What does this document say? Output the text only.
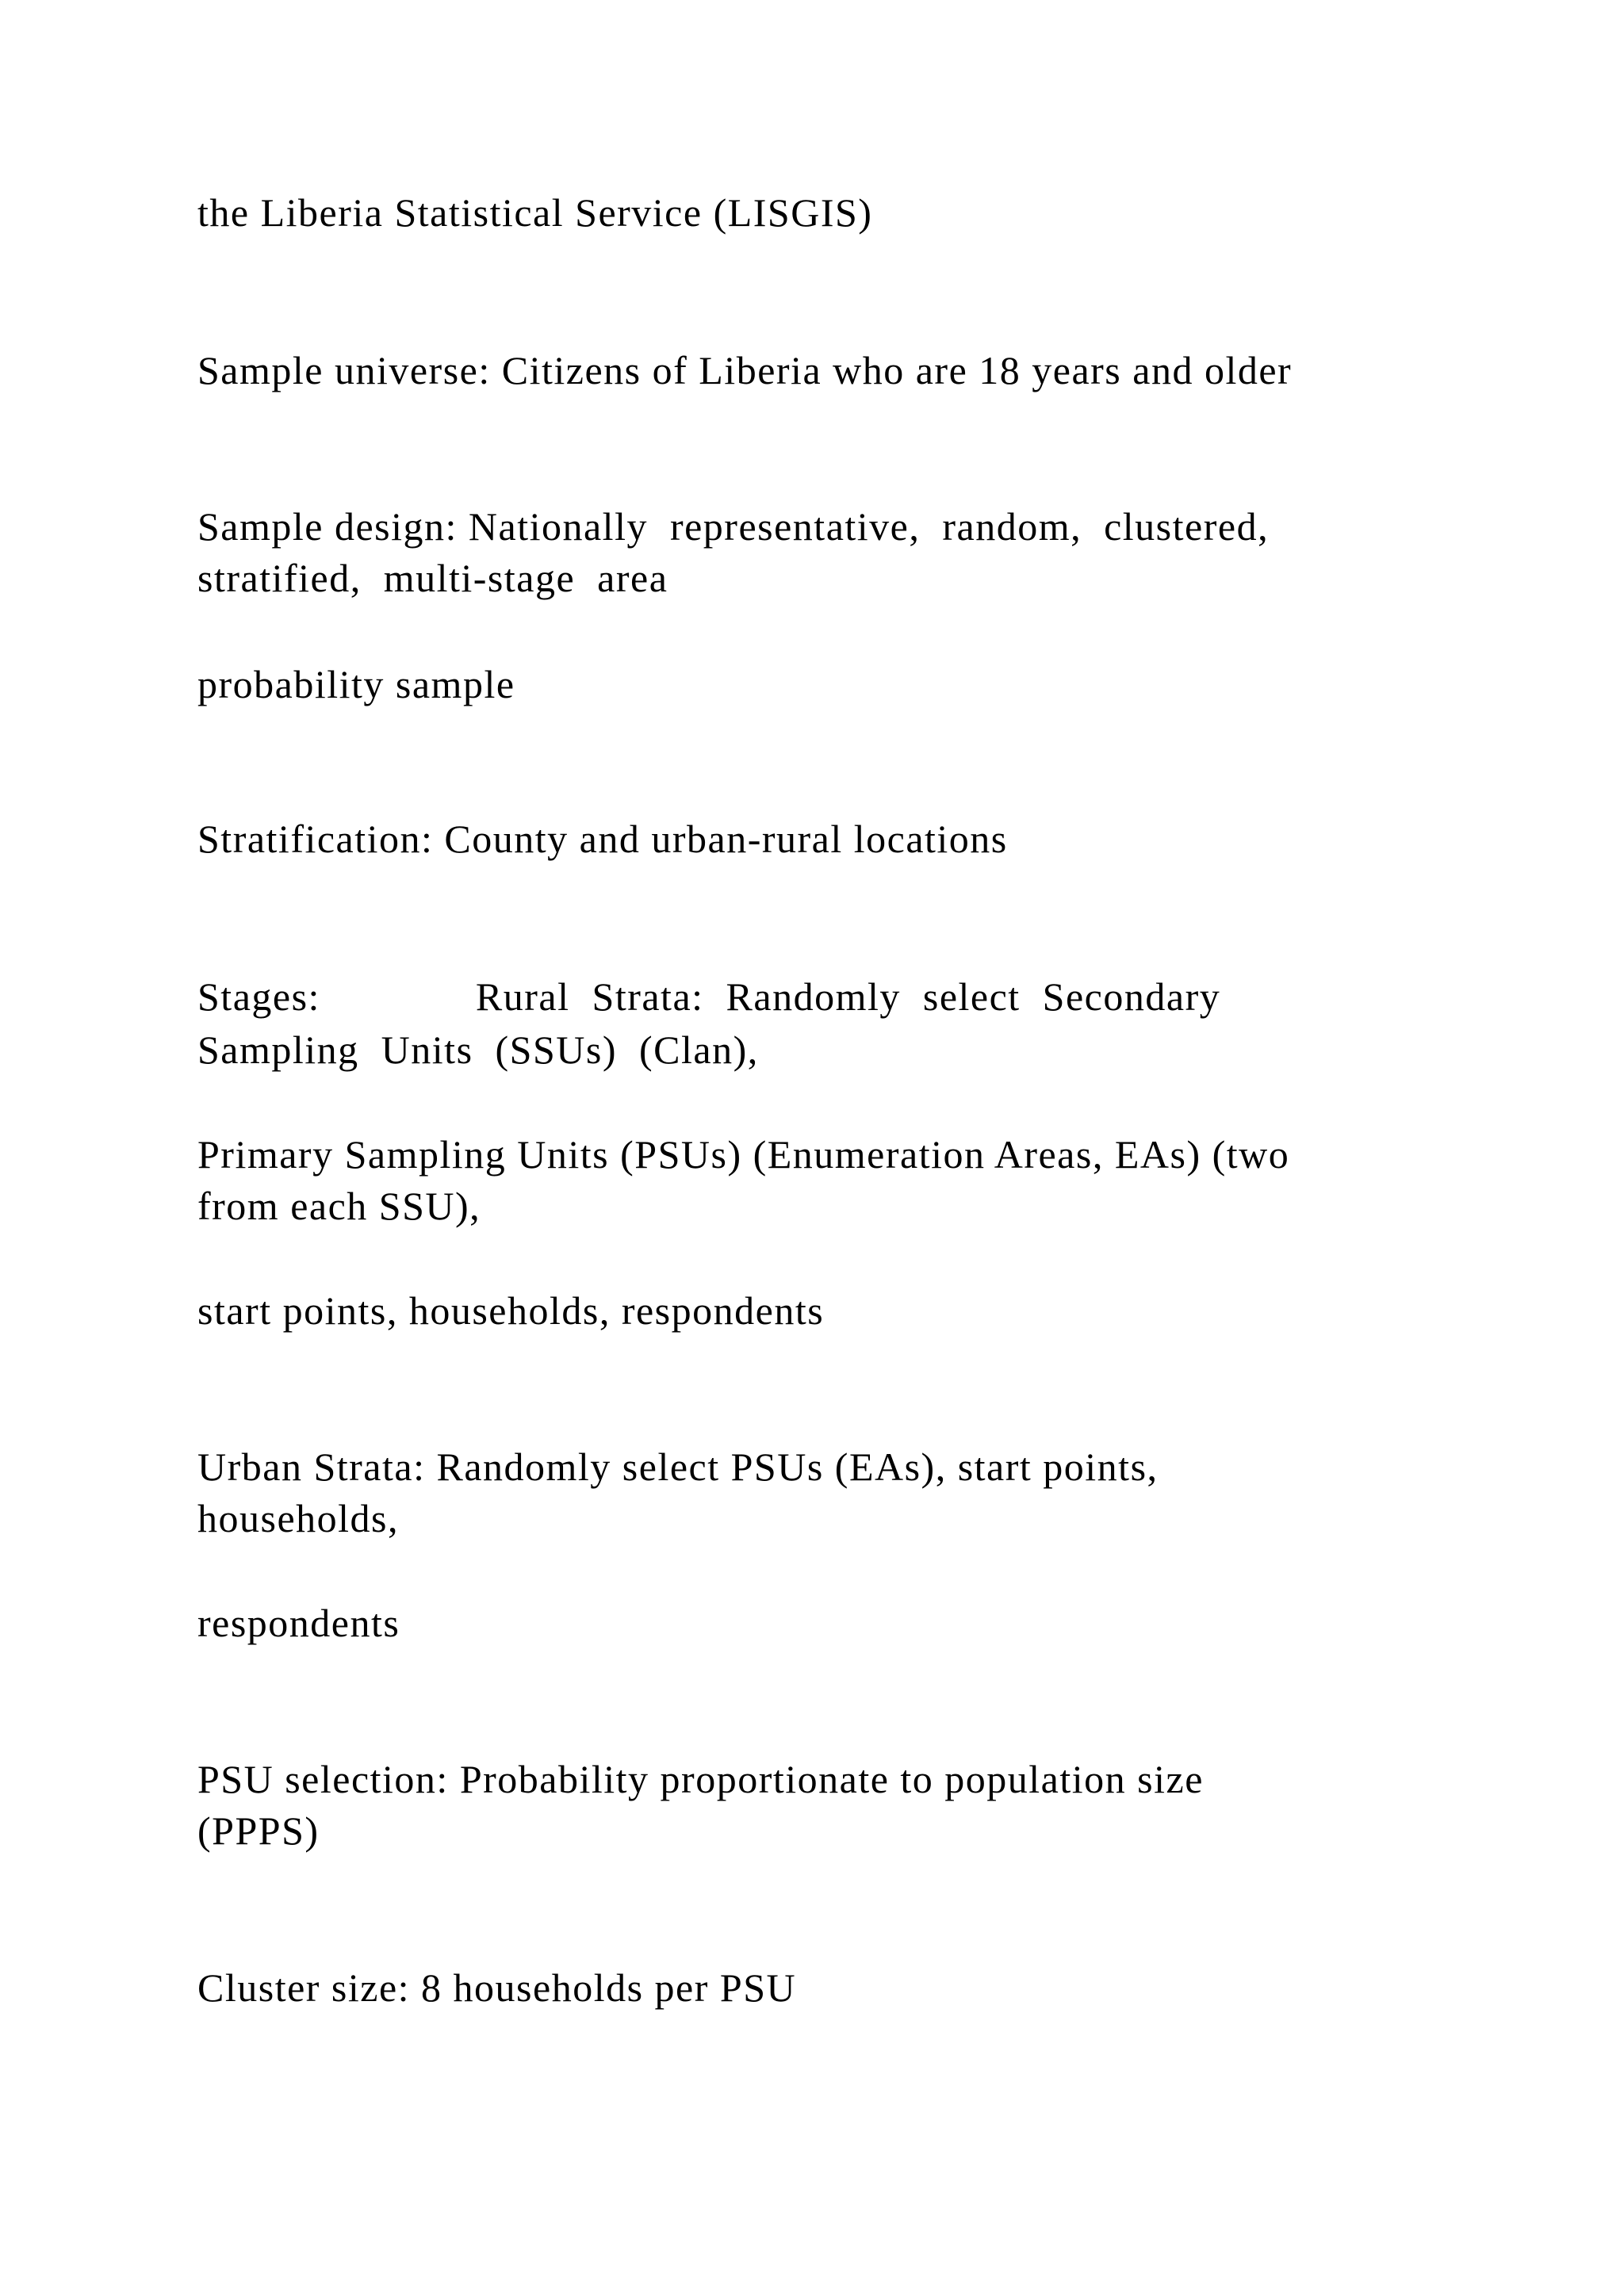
the Liberia Statistical Service (LISGIS)
Sample universe: Citizens of Liberia who are 18 years and older
Sample design: Nationally  representative,  random,  clustered,
stratified,  multi-stage  area
probability sample
Stratification: County and urban-rural locations
Stages:              Rural  Strata:  Randomly  select  Secondary
Sampling  Units  (SSUs)  (Clan),
Primary Sampling Units (PSUs) (Enumeration Areas, EAs) (two
from each SSU),
start points, households, respondents
Urban Strata: Randomly select PSUs (EAs), start points,
households,
respondents
PSU selection: Probability proportionate to population size
(PPPS)
Cluster size: 8 households per PSU
